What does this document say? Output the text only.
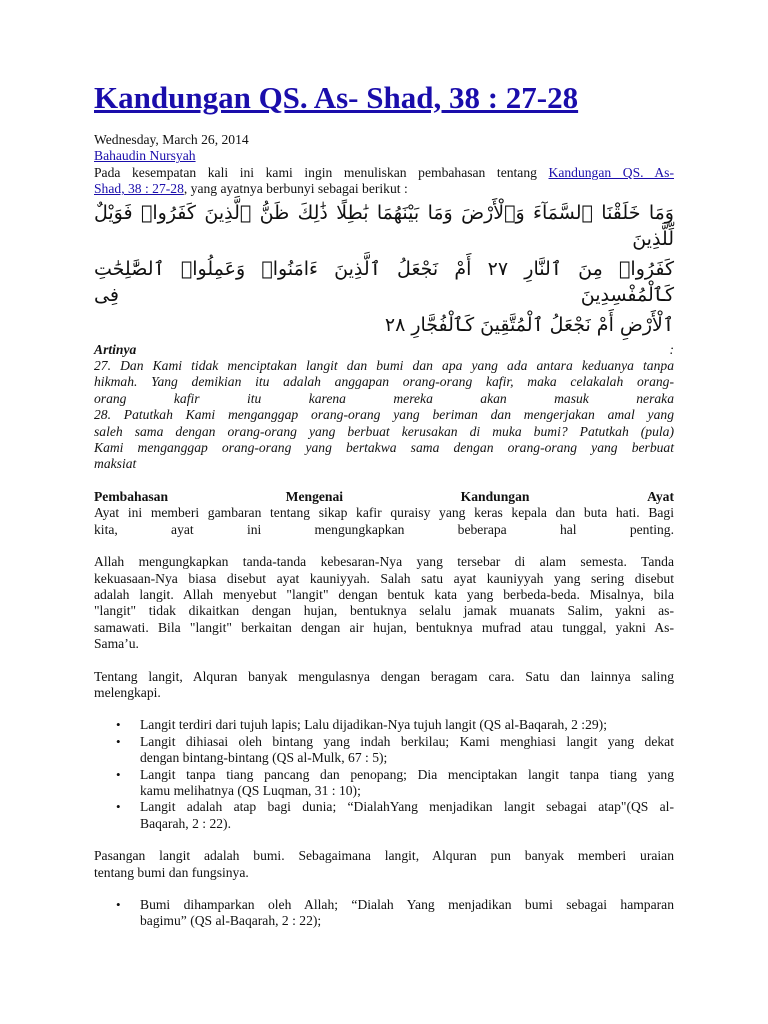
Kandungan QS. As- Shad, 38 : 27-28

Wednesday, March 26, 2014

Bahaudin Nursyah

Pada kesempatan kali ini kami ingin menuliskan pembahasan tentang Kandungan QS. As-

Shad, 38 : 27-28, yang ayatnya berbunyi sebagai berikut :

وَمَا خَلَقْنَا ٱلسَّمَآءَ وَٱلْأَرْضَ وَمَا بَيْنَهُمَا بَٰطِلًا ذَٰلِكَ ظَنُّ ٱلَّذِينَ كَفَرُوا۟ فَوَيْلٌ لِّلَّذِينَ

كَفَرُوا۟ مِنَ ٱلنَّارِ ٢٧ أَمْ نَجْعَلُ ٱلَّذِينَ ءَامَنُوا۟ وَعَمِلُوا۟ ٱلصَّٰلِحَٰتِ كَٱلْمُفْسِدِينَ فِى

ٱلْأَرْضِ أَمْ نَجْعَلُ ٱلْمُتَّقِينَ كَٱلْفُجَّارِ ٢٨

Artinya	:

27. Dan Kami tidak menciptakan langit dan bumi dan apa yang ada antara keduanya tanpa

hikmah. Yang demikian itu adalah anggapan orang-orang kafir, maka celakalah orang-

orang kafir itu karena mereka akan masuk neraka

28. Patutkah Kami menganggap orang-orang yang beriman dan mengerjakan amal yang

saleh sama dengan orang-orang yang berbuat kerusakan di muka bumi? Patutkah (pula)

Kami menganggap orang-orang yang bertakwa sama dengan orang-orang yang berbuat

maksiat

Pembahasan	Mengenai	Kandungan	Ayat

Ayat ini memberi gambaran tentang sikap kafir quraisy yang keras kepala dan buta hati. Bagi

kita, ayat ini mengungkapkan beberapa hal penting.

Allah mengungkapkan tanda-tanda kebesaran-Nya yang tersebar di alam semesta. Tanda

kekuasaan-Nya biasa disebut ayat kauniyyah. Salah satu ayat kauniyyah yang sering disebut

adalah langit. Allah menyebut "langit" dengan bentuk kata yang berbeda-beda. Misalnya, bila

"langit" tidak dikaitkan dengan hujan, bentuknya selalu jamak muanats Salim, yakni as-

samawati. Bila "langit" berkaitan dengan air hujan, bentuknya mufrad atau tunggal, yakni As-

Sama’u.

Tentang langit, Alquran banyak mengulasnya dengan beragam cara. Satu dan lainnya saling

melengkapi.

• Langit terdiri dari tujuh lapis; Lalu dijadikan-Nya tujuh langit (QS al-Baqarah, 2 :29);
• Langit dihiasai oleh bintang yang indah berkilau; Kami menghiasi langit yang dekat
dengan bintang-bintang (QS al-Mulk, 67 : 5);
• Langit tanpa tiang pancang dan penopang; Dia menciptakan langit tanpa tiang yang
kamu melihatnya (QS Luqman, 31 : 10);
• Langit adalah atap bagi dunia; “DialahYang menjadikan langit sebagai atap"(QS al-
Baqarah, 2 : 22).

Pasangan langit adalah bumi. Sebagaimana langit, Alquran pun banyak memberi uraian

tentang bumi dan fungsinya.

• Bumi dihamparkan oleh Allah; “Dialah Yang menjadikan bumi sebagai hamparan
bagimu” (QS al-Baqarah, 2 : 22);
